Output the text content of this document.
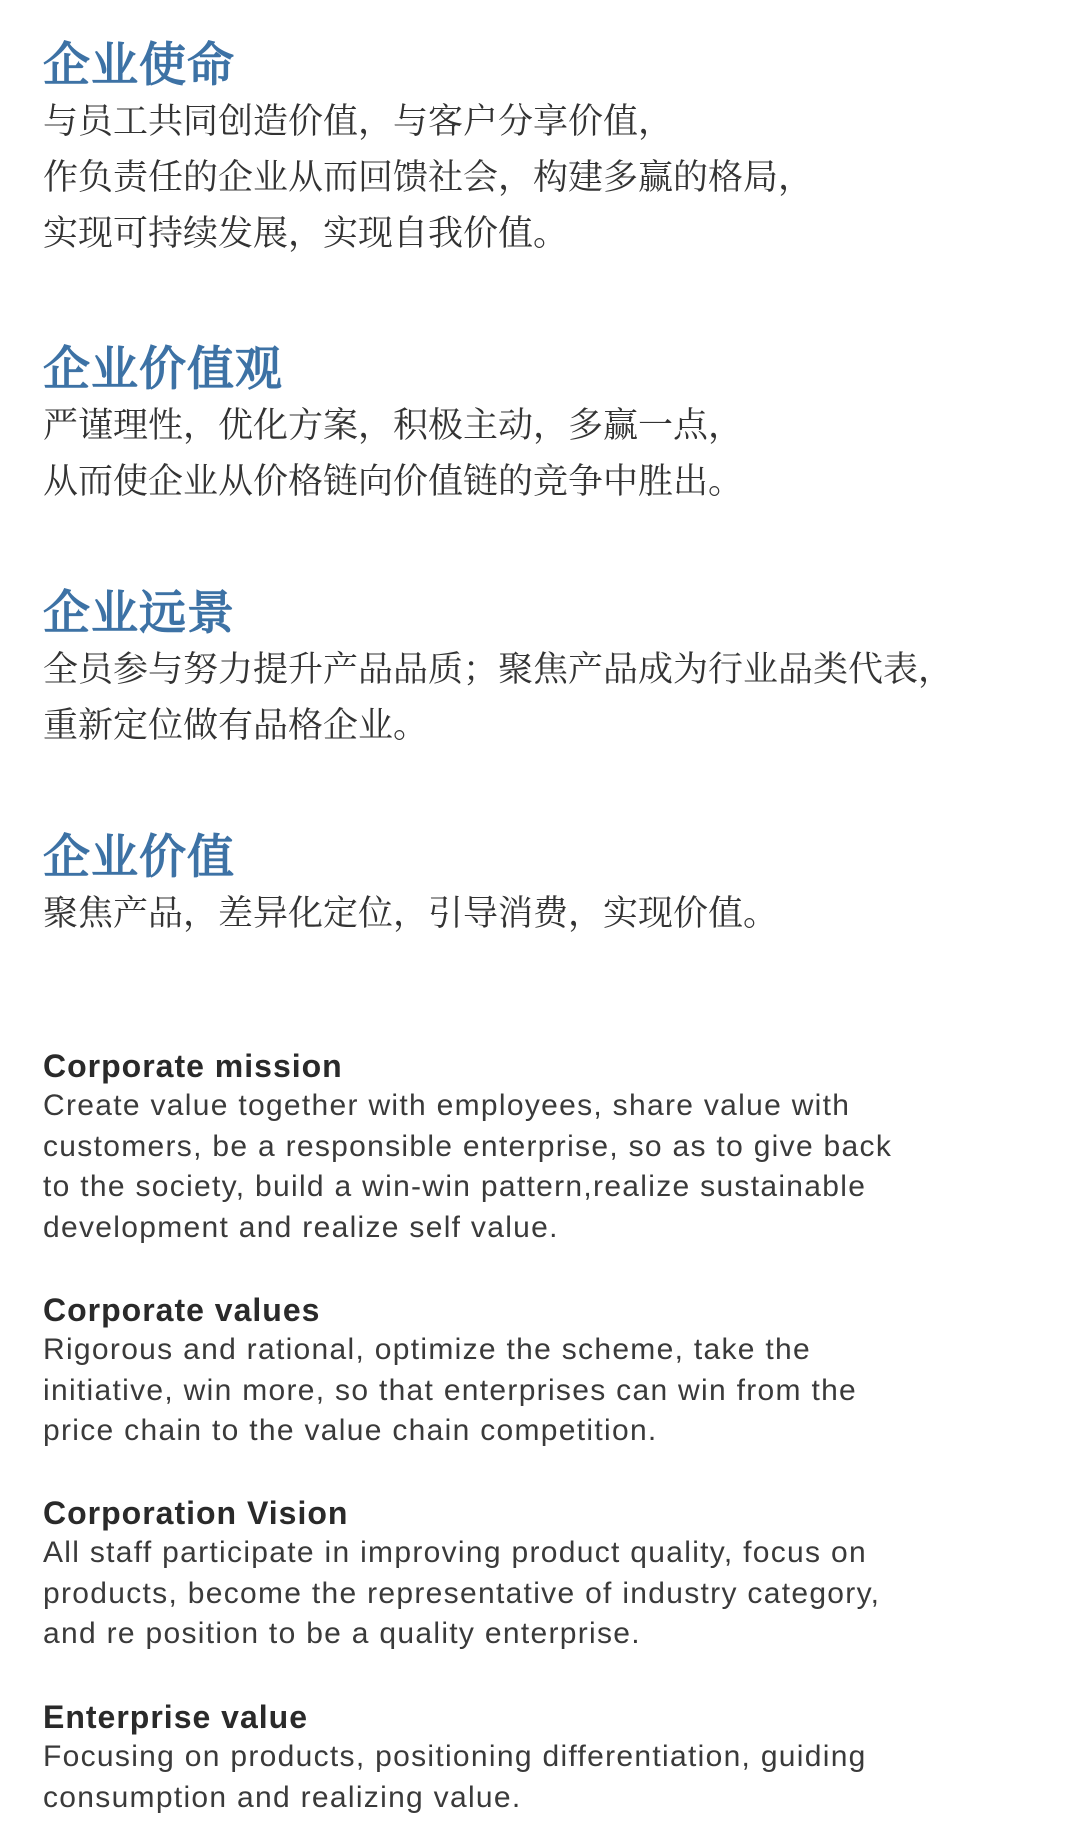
企业使命

与员工共同创造价值，与客户分享价值，

作负责任的企业从而回馈社会，构建多赢的格局，

实现可持续发展，实现自我价值。

企业价值观

严谨理性，优化方案，积极主动，多赢一点，

从而使企业从价格链向价值链的竞争中胜出。

企业远景

全员参与努力提升产品品质；聚焦产品成为行业品类代表，

重新定位做有品格企业。

企业价值

聚焦产品，差异化定位，引导消费，实现价值。

Corporate mission

Create value together with employees, share value with

customers, be a responsible enterprise, so as to give back

to the society, build a win-win pattern,realize sustainable

development and realize self value.

Corporate values

Rigorous and rational, optimize the scheme, take the

initiative, win more, so that enterprises can win from the

price chain to the value chain competition.

Corporation Vision

All staff participate in improving product quality, focus on

products, become the representative of industry category,

and re position to be a quality enterprise.

Enterprise value

Focusing on products, positioning differentiation, guiding

consumption and realizing value.
